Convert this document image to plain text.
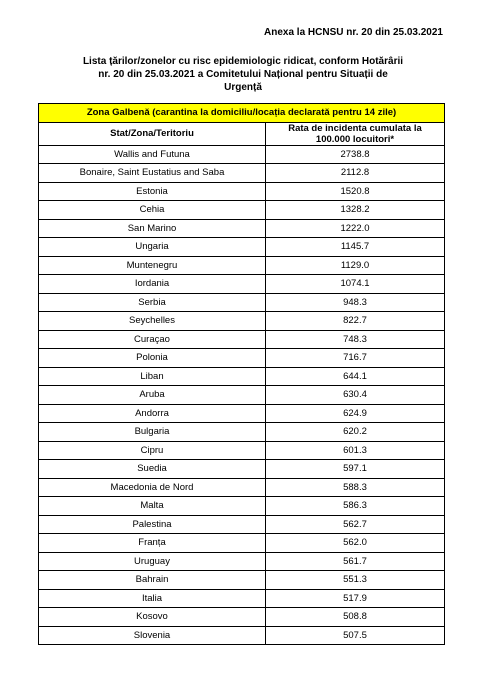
Anexa la HCNSU nr. 20 din 25.03.2021
Lista țărilor/zonelor cu risc epidemiologic ridicat, conform Hotărârii
nr. 20 din 25.03.2021 a Comitetului Național pentru Situații de
Urgență
Zona Galbenă (carantina la domiciliu/locația declarată pentru 14 zile)	
Stat/Zona/Teritoriu	Rata de incidenta cumulata la
100.000 locuitori*
Wallis and Futuna	2738.8
Bonaire, Saint Eustatius and Saba	2112.8
Estonia	1520.8
Cehia	1328.2
San Marino	1222.0
Ungaria	1145.7
Muntenegru	1129.0
Iordania	1074.1
Serbia	948.3
Seychelles	822.7
Curaçao	748.3
Polonia	716.7
Liban	644.1
Aruba	630.4
Andorra	624.9
Bulgaria	620.2
Cipru	601.3
Suedia	597.1
Macedonia de Nord	588.3
Malta	586.3
Palestina	562.7
Franța	562.0
Uruguay	561.7
Bahrain	551.3
Italia	517.9
Kosovo	508.8
Slovenia	507.5
